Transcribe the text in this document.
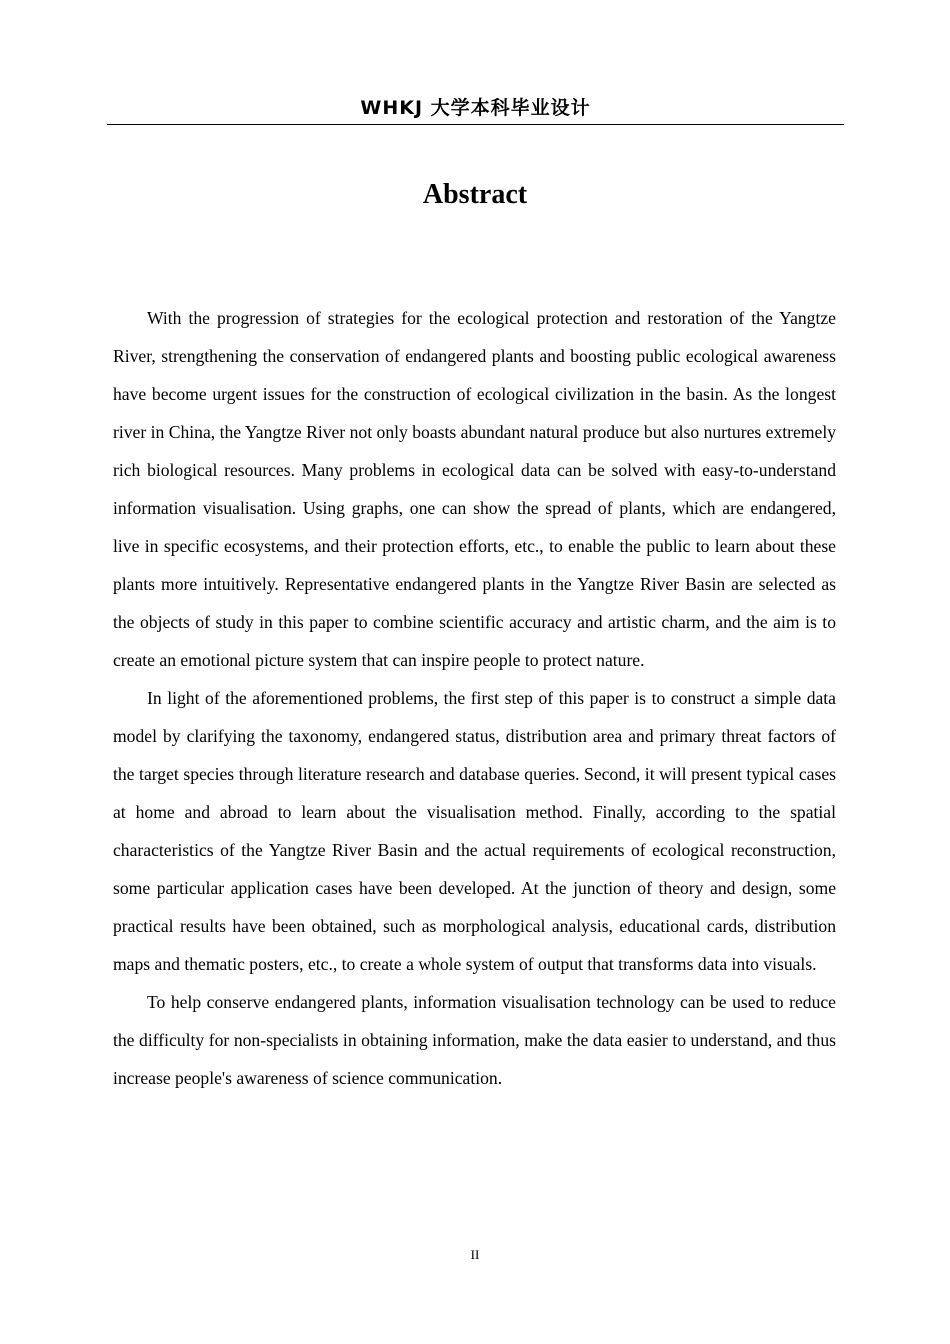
WHKJ 大学本科毕业设计
Abstract

With the progression of strategies for the ecological protection and restoration of the Yangtze River, strengthening the conservation of endangered plants and boosting public ecological awareness have become urgent issues for the construction of ecological civilization in the basin. As the longest river in China, the Yangtze River not only boasts abundant natural produce but also nurtures extremely rich biological resources. Many problems in ecological data can be solved with easy-to-understand information visualisation. Using graphs, one can show the spread of plants, which are endangered, live in specific ecosystems, and their protection efforts, etc., to enable the public to learn about these plants more intuitively. Representative endangered plants in the Yangtze River Basin are selected as the objects of study in this paper to combine scientific accuracy and artistic charm, and the aim is to create an emotional picture system that can inspire people to protect nature.

In light of the aforementioned problems, the first step of this paper is to construct a simple data model by clarifying the taxonomy, endangered status, distribution area and primary threat factors of the target species through literature research and database queries. Second, it will present typical cases at home and abroad to learn about the visualisation method. Finally, according to the spatial characteristics of the Yangtze River Basin and the actual requirements of ecological reconstruction, some particular application cases have been developed. At the junction of theory and design, some practical results have been obtained, such as morphological analysis, educational cards, distribution maps and thematic posters, etc., to create a whole system of output that transforms data into visuals.

To help conserve endangered plants, information visualisation technology can be used to reduce the difficulty for non-specialists in obtaining information, make the data easier to understand, and thus increase people's awareness of science communication.

II
